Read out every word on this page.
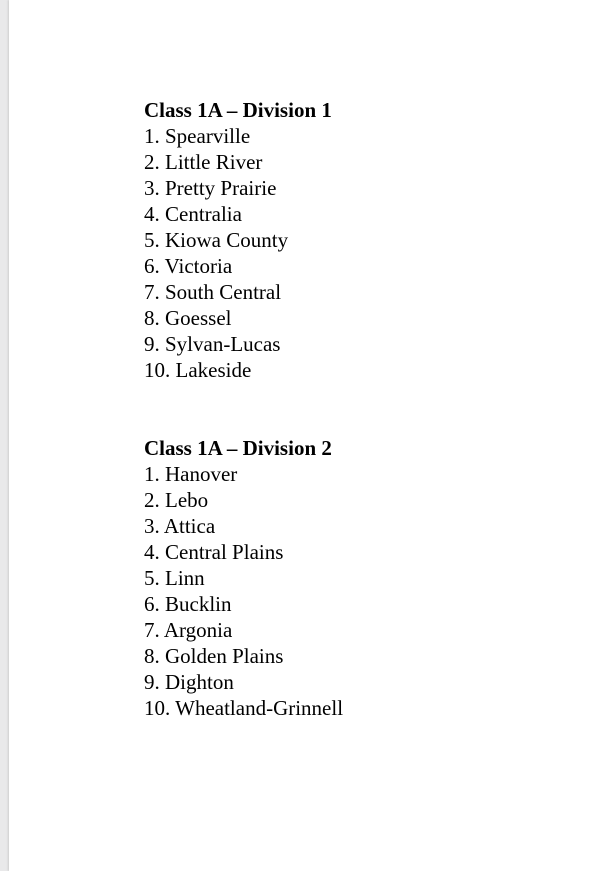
Class 1A – Division 1
1. Spearville
2. Little River
3. Pretty Prairie
4. Centralia
5. Kiowa County
6. Victoria
7. South Central
8. Goessel
9. Sylvan-Lucas
10. Lakeside
Class 1A – Division 2
1. Hanover
2. Lebo
3. Attica
4. Central Plains
5. Linn
6. Bucklin
7. Argonia
8. Golden Plains
9. Dighton
10. Wheatland-Grinnell
